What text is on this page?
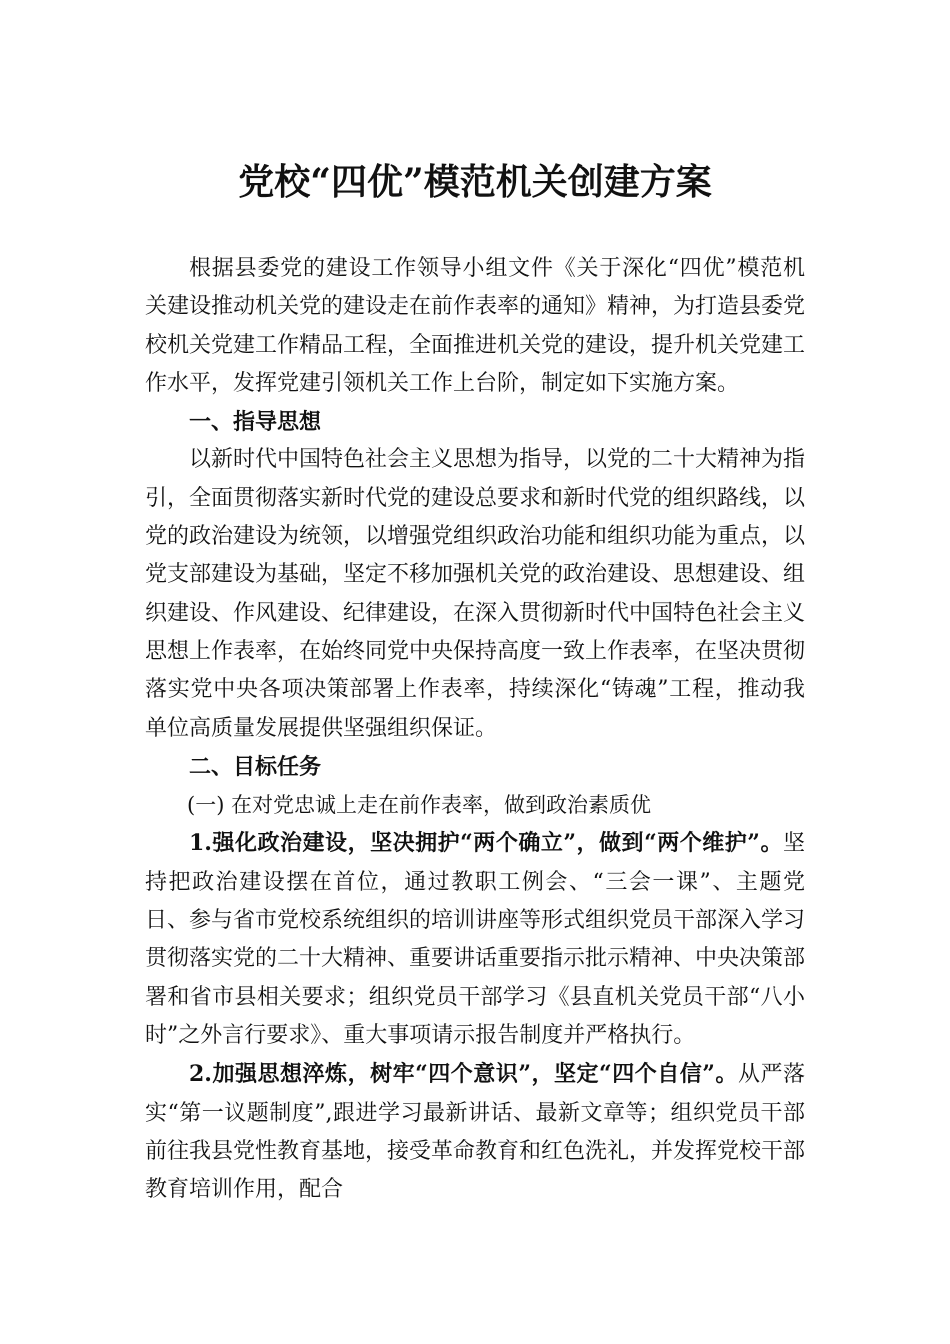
党校“四优”模范机关创建方案

根据县委党的建设工作领导小组文件《关于深化“四优”模范机关建设推动机关党的建设走在前作表率的通知》精神，为打造县委党校机关党建工作精品工程，全面推进机关党的建设，提升机关党建工作水平，发挥党建引领机关工作上台阶，制定如下实施方案。

一、指导思想

以新时代中国特色社会主义思想为指导，以党的二十大精神为指引，全面贯彻落实新时代党的建设总要求和新时代党的组织路线，以党的政治建设为统领，以增强党组织政治功能和组织功能为重点，以党支部建设为基础，坚定不移加强机关党的政治建设、思想建设、组织建设、作风建设、纪律建设，在深入贯彻新时代中国特色社会主义思想上作表率，在始终同党中央保持高度一致上作表率，在坚决贯彻落实党中央各项决策部署上作表率，持续深化“铸魂”工程，推动我单位高质量发展提供坚强组织保证。

二、目标任务

(一) 在对党忠诚上走在前作表率，做到政治素质优

1.强化政治建设，坚决拥护“两个确立”，做到“两个维护”。坚持把政治建设摆在首位，通过教职工例会、“三会一课”、主题党日、参与省市党校系统组织的培训讲座等形式组织党员干部深入学习贯彻落实党的二十大精神、重要讲话重要指示批示精神、中央决策部署和省市县相关要求；组织党员干部学习《县直机关党员干部“八小时”之外言行要求》、重大事项请示报告制度并严格执行。

2.加强思想淬炼，树牢“四个意识”，坚定“四个自信”。从严落实“第一议题制度”,跟进学习最新讲话、最新文章等；组织党员干部前往我县党性教育基地，接受革命教育和红色洗礼，并发挥党校干部教育培训作用，配合
